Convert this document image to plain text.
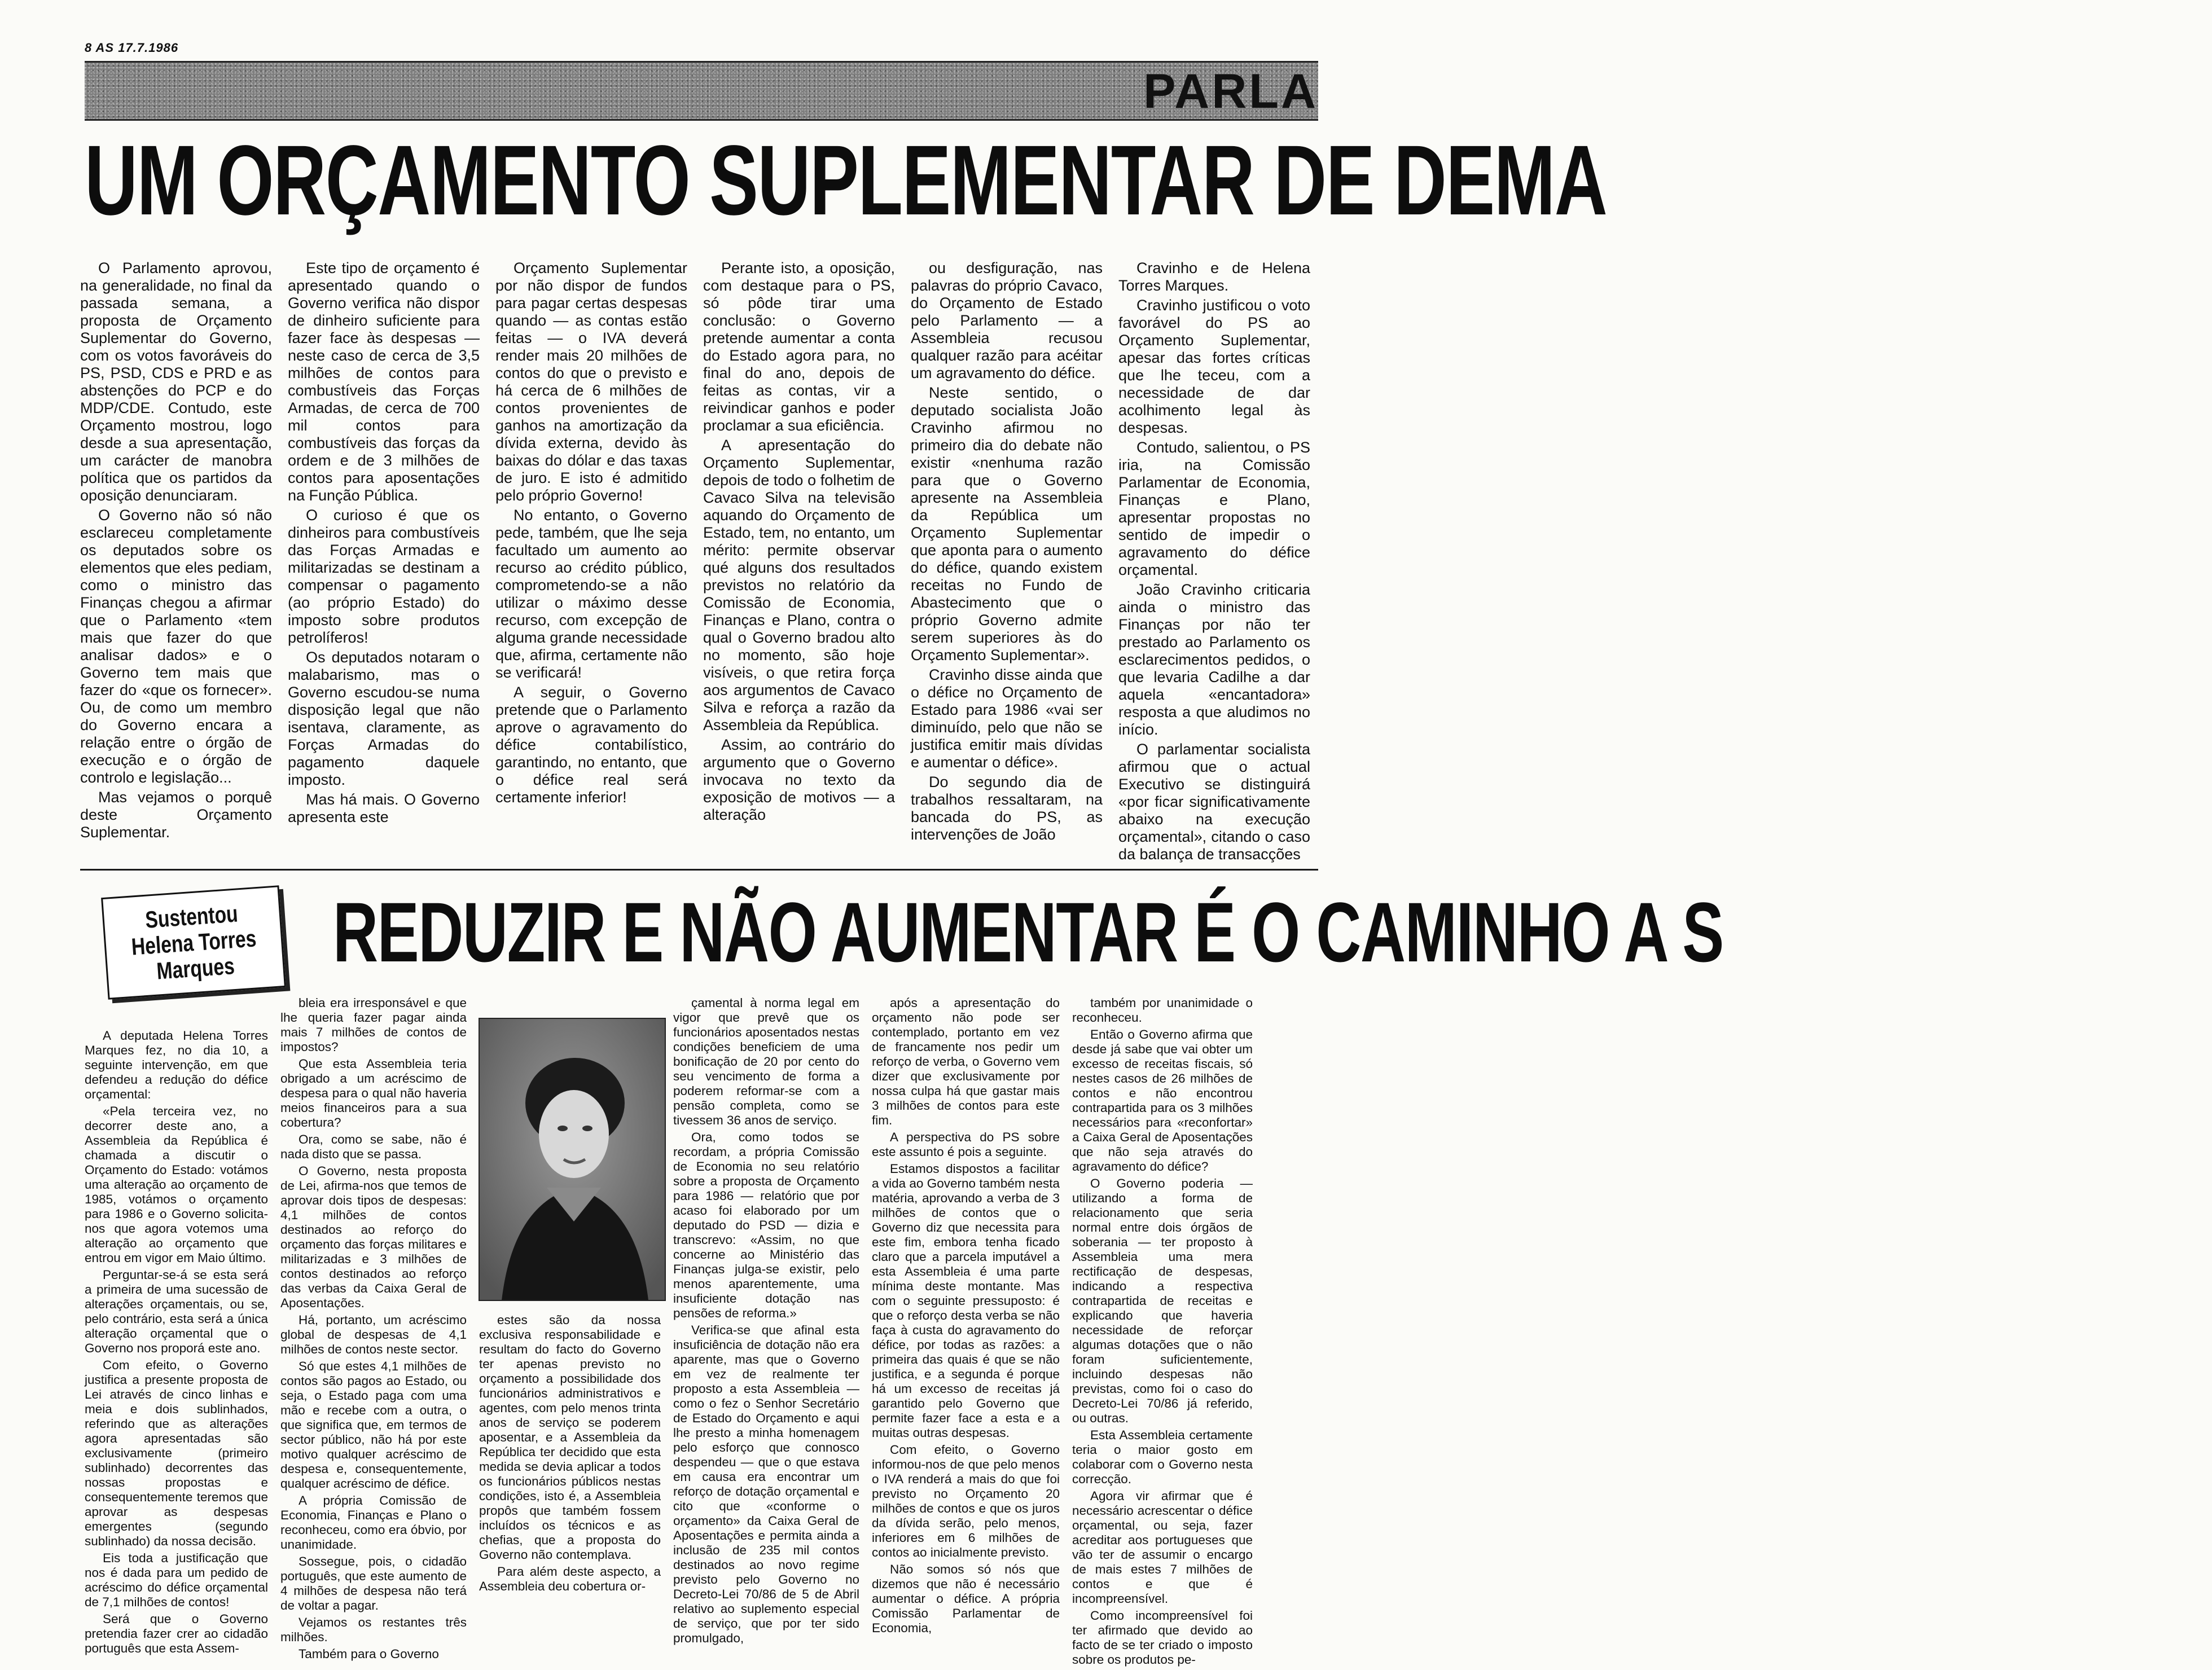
8 AS 17.7.1986
PARLA
UM ORÇAMENTO SUPLEMENTAR DE DEMA

O Parlamento aprovou, na generalidade, no final da passada semana, a proposta de Orçamento Suplementar do Governo, com os votos favoráveis do PS, PSD, CDS e PRD e as abstenções do PCP e do MDP/CDE. Contudo, este Orçamento mostrou, logo desde a sua apresentação, um carácter de manobra política que os partidos da oposição denunciaram.

O Governo não só não esclareceu completamente os deputados sobre os elementos que eles pediam, como o ministro das Finanças chegou a afirmar que o Parlamento «tem mais que fazer do que analisar dados» e o Governo tem mais que fazer do «que os fornecer». Ou, de como um membro do Governo encara a relação entre o órgão de execução e o órgão de controlo e legislação...

Mas vejamos o porquê deste Orçamento Suplementar.

Este tipo de orçamento é apresentado quando o Governo verifica não dispor de dinheiro suficiente para fazer face às despesas — neste caso de cerca de 3,5 milhões de contos para combustíveis das Forças Armadas, de cerca de 700 mil contos para combustíveis das forças da ordem e de 3 milhões de contos para aposentações na Função Pública.

O curioso é que os dinheiros para combustíveis das Forças Armadas e militarizadas se destinam a compensar o pagamento (ao próprio Estado) do imposto sobre produtos petrolíferos!

Os deputados notaram o malabarismo, mas o Governo escudou-se numa disposição legal que não isentava, claramente, as Forças Armadas do pagamento daquele imposto.

Mas há mais. O Governo apresenta este

Orçamento Suplementar por não dispor de fundos para pagar certas despesas quando — as contas estão feitas — o IVA deverá render mais 20 milhões de contos do que o previsto e há cerca de 6 milhões de contos provenientes de ganhos na amortização da dívida externa, devido às baixas do dólar e das taxas de juro. E isto é admitido pelo próprio Governo!

No entanto, o Governo pede, também, que lhe seja facultado um aumento ao recurso ao crédito público, comprometendo-se a não utilizar o máximo desse recurso, com excepção de alguma grande necessidade que, afirma, certamente não se verificará!

A seguir, o Governo pretende que o Parlamento aprove o agravamento do défice contabilístico, garantindo, no entanto, que o défice real será certamente inferior!

Perante isto, a oposição, com destaque para o PS, só pôde tirar uma conclusão: o Governo pretende aumentar a conta do Estado agora para, no final do ano, depois de feitas as contas, vir a reivindicar ganhos e poder proclamar a sua eficiência.

A apresentação do Orçamento Suplementar, depois de todo o folhetim de Cavaco Silva na televisão aquando do Orçamento de Estado, tem, no entanto, um mérito: permite observar qué alguns dos resultados previstos no relatório da Comissão de Economia, Finanças e Plano, contra o qual o Governo bradou alto no momento, são hoje visíveis, o que retira força aos argumentos de Cavaco Silva e reforça a razão da Assembleia da República.

Assim, ao contrário do argumento que o Governo invocava no texto da exposição de motivos — a alteração

ou desfiguração, nas palavras do próprio Cavaco, do Orçamento de Estado pelo Parlamento — a Assembleia recusou qualquer razão para acéitar um agravamento do défice.

Neste sentido, o deputado socialista João Cravinho afirmou no primeiro dia do debate não existir «nenhuma razão para que o Governo apresente na Assembleia da República um Orçamento Suplementar que aponta para o aumento do défice, quando existem receitas no Fundo de Abastecimento que o próprio Governo admite serem superiores às do Orçamento Suplementar».

Cravinho disse ainda que o défice no Orçamento de Estado para 1986 «vai ser diminuído, pelo que não se justifica emitir mais dívidas e aumentar o défice».

Do segundo dia de trabalhos ressaltaram, na bancada do PS, as intervenções de João

Cravinho e de Helena Torres Marques.

Cravinho justificou o voto favorável do PS ao Orçamento Suplementar, apesar das fortes críticas que lhe teceu, com a necessidade de dar acolhimento legal às despesas.

Contudo, salientou, o PS iria, na Comissão Parlamentar de Economia, Finanças e Plano, apresentar propostas no sentido de impedir o agravamento do défice orçamental.

João Cravinho criticaria ainda o ministro das Finanças por não ter prestado ao Parlamento os esclarecimentos pedidos, o que levaria Cadilhe a dar aquela «encantadora» resposta a que aludimos no início.

O parlamentar socialista afirmou que o actual Executivo se distinguirá «por ficar significativamente abaixo na execução orçamental», citando o caso da balança de transacções

Sustentou
Helena Torres
Marques REDUZIR E NÃO AUMENTAR É O CAMINHO A S

A deputada Helena Torres Marques fez, no dia 10, a seguinte intervenção, em que defendeu a redução do défice orçamental:

«Pela terceira vez, no decorrer deste ano, a Assembleia da República é chamada a discutir o Orçamento do Estado: votámos uma alteração ao orçamento de 1985, votámos o orçamento para 1986 e o Governo solicita-nos que agora votemos uma alteração ao orçamento que entrou em vigor em Maio último.

Perguntar-se-á se esta será a primeira de uma sucessão de alterações orçamentais, ou se, pelo contrário, esta será a única alteração orçamental que o Governo nos proporá este ano.

Com efeito, o Governo justifica a presente proposta de Lei através de cinco linhas e meia e dois sublinhados, referindo que as alterações agora apresentadas são exclusivamente (primeiro sublinhado) decorrentes das nossas propostas e consequentemente teremos que aprovar as despesas emergentes (segundo sublinhado) da nossa decisão.

Eis toda a justificação que nos é dada para um pedido de acréscimo do défice orçamental de 7,1 milhões de contos!

Será que o Governo pretendia fazer crer ao cidadão português que esta Assem-

bleia era irresponsável e que lhe queria fazer pagar ainda mais 7 milhões de contos de impostos?

Que esta Assembleia teria obrigado a um acréscimo de despesa para o qual não haveria meios financeiros para a sua cobertura?

Ora, como se sabe, não é nada disto que se passa.

O Governo, nesta proposta de Lei, afirma-nos que temos de aprovar dois tipos de despesas: 4,1 milhões de contos destinados ao reforço do orçamento das forças militares e militarizadas e 3 milhões de contos destinados ao reforço das verbas da Caixa Geral de Aposentações.

Há, portanto, um acréscimo global de despesas de 4,1 milhões de contos neste sector.

Só que estes 4,1 milhões de contos são pagos ao Estado, ou seja, o Estado paga com uma mão e recebe com a outra, o que significa que, em termos de sector público, não há por este motivo qualquer acréscimo de despesa e, consequentemente, qualquer acréscimo de défice.

A própria Comissão de Economia, Finanças e Plano o reconheceu, como era óbvio, por unanimidade.

Sossegue, pois, o cidadão português, que este aumento de 4 milhões de despesa não terá de voltar a pagar.

Vejamos os restantes três milhões.

Também para o Governo

estes são da nossa exclusiva responsabilidade e resultam do facto do Governo ter apenas previsto no orçamento a possibilidade dos funcionários administrativos e agentes, com pelo menos trinta anos de serviço se poderem aposentar, e a Assembleia da República ter decidido que esta medida se devia aplicar a todos os funcionários públicos nestas condições, isto é, a Assembleia propôs que também fossem incluídos os técnicos e as chefias, que a proposta do Governo não contemplava.

Para além deste aspecto, a Assembleia deu cobertura or-

çamental à norma legal em vigor que prevê que os funcionários aposentados nestas condições beneficiem de uma bonificação de 20 por cento do seu vencimento de forma a poderem reformar-se com a pensão completa, como se tivessem 36 anos de serviço.

Ora, como todos se recordam, a própria Comissão de Economia no seu relatório sobre a proposta de Orçamento para 1986 — relatório que por acaso foi elaborado por um deputado do PSD — dizia e transcrevo: «Assim, no que concerne ao Ministério das Finanças julga-se existir, pelo menos aparentemente, uma insuficiente dotação nas pensões de reforma.»

Verifica-se que afinal esta insuficiência de dotação não era aparente, mas que o Governo em vez de realmente ter proposto a esta Assembleia — como o fez o Senhor Secretário de Estado do Orçamento e aqui lhe presto a minha homenagem pelo esforço que connosco despendeu — que o que estava em causa era encontrar um reforço de dotação orçamental e cito que «conforme o orçamento» da Caixa Geral de Aposentações e permita ainda a inclusão de 235 mil contos destinados ao novo regime previsto pelo Governo no Decreto-Lei 70/86 de 5 de Abril relativo ao suplemento especial de serviço, que por ter sido promulgado,

após a apresentação do orçamento não pode ser contemplado, portanto em vez de francamente nos pedir um reforço de verba, o Governo vem dizer que exclusivamente por nossa culpa há que gastar mais 3 milhões de contos para este fim.

A perspectiva do PS sobre este assunto é pois a seguinte.

Estamos dispostos a facilitar a vida ao Governo também nesta matéria, aprovando a verba de 3 milhões de contos que o Governo diz que necessita para este fim, embora tenha ficado claro que a parcela imputável a esta Assembleia é uma parte mínima deste montante. Mas com o seguinte pressuposto: é que o reforço desta verba se não faça à custa do agravamento do défice, por todas as razões: a primeira das quais é que se não justifica, e a segunda é porque há um excesso de receitas já garantido pelo Governo que permite fazer face a esta e a muitas outras despesas.

Com efeito, o Governo informou-nos de que pelo menos o IVA renderá a mais do que foi previsto no Orçamento 20 milhões de contos e que os juros da dívida serão, pelo menos, inferiores em 6 milhões de contos ao inicialmente previsto.

Não somos só nós que dizemos que não é necessário aumentar o défice. A própria Comissão Parlamentar de Economia,

também por unanimidade o reconheceu.

Então o Governo afirma que desde já sabe que vai obter um excesso de receitas fiscais, só nestes casos de 26 milhões de contos e não encontrou contrapartida para os 3 milhões necessários para «reconfortar» a Caixa Geral de Aposentações que não seja através do agravamento do défice?

O Governo poderia — utilizando a forma de relacionamento que seria normal entre dois órgãos de soberania — ter proposto à Assembleia uma mera rectificação de despesas, indicando a respectiva contrapartida de receitas e explicando que haveria necessidade de reforçar algumas dotações que o não foram suficientemente, incluindo despesas não previstas, como foi o caso do Decreto-Lei 70/86 já referido, ou outras.

Esta Assembleia certamente teria o maior gosto em colaborar com o Governo nesta correcção.

Agora vir afirmar que é necessário acrescentar o défice orçamental, ou seja, fazer acreditar aos portugueses que vão ter de assumir o encargo de mais estes 7 milhões de contos e que é incompreensível.

Como incompreensível foi ter afirmado que devido ao facto de se ter criado o imposto sobre os produtos pe-
